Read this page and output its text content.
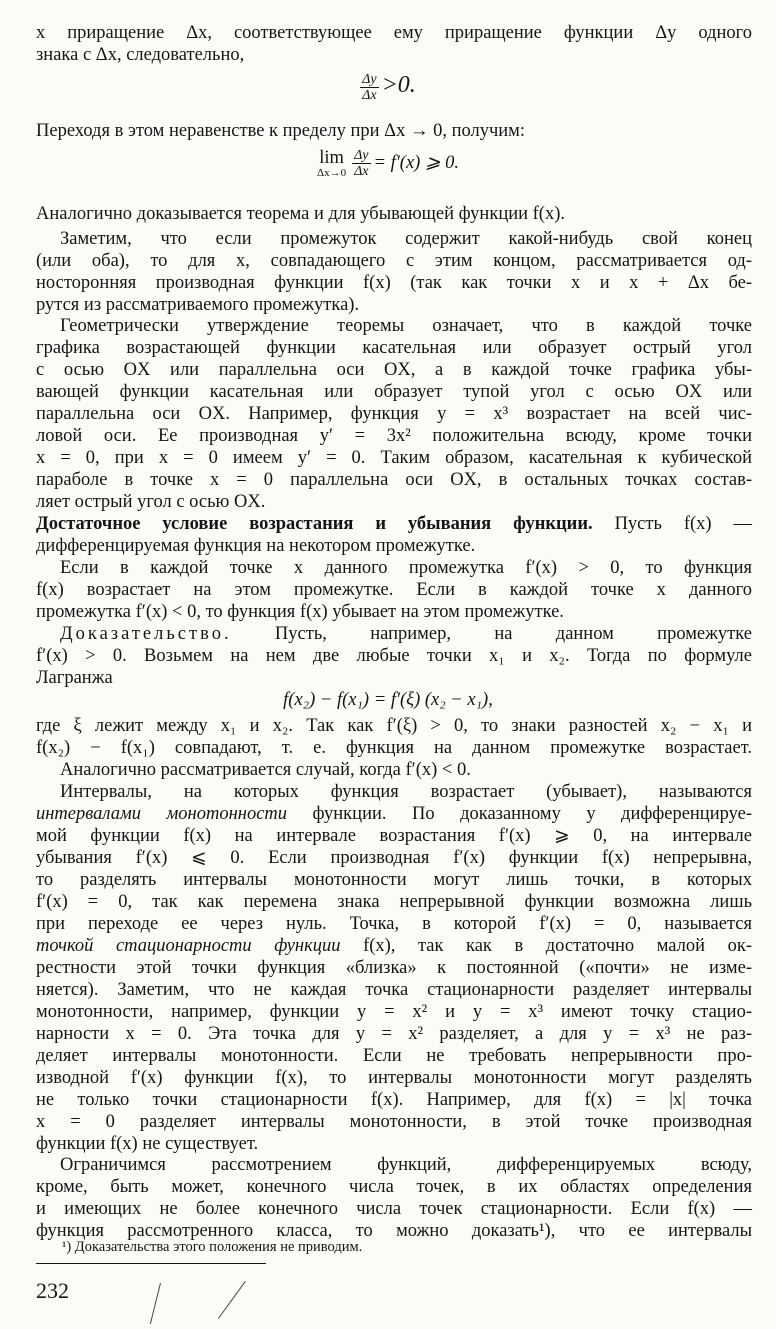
x приращение Δx, соответствующее ему приращение функции Δy одного
знака с Δx, следовательно,
$\frac{\Delta y}{\Delta x} >0$.
Переходя в этом неравенстве к пределу при Δx → 0, получим:
lim
$\Delta x\to 0 \frac{\Delta y}{\Delta x} = f'(x)$ ⩾ 0.
Аналогично доказывается теорема и для убывающей функции f(x).
Заметим, что если промежуток содержит какой-нибудь свой конец
(или оба), то для x, совпадающего с этим концом, рассматривается од-
носторонняя производная функции f(x) (так как точки x и x + Δx бе-
рутся из рассматриваемого промежутка).
Геометрически утверждение теоремы означает, что в каждой точке
графика возрастающей функции касательная или образует острый угол
с осью OX или параллельна оси OX, а в каждой точке графика убы-
вающей функции касательная или образует тупой угол с осью OX или
параллельна оси OX. Например, функция y = x³ возрастает на всей чис-
ловой оси. Ее производная y′ = 3x² положительна всюду, кроме точки
x = 0, при x = 0 имеем y′ = 0. Таким образом, касательная к кубической
параболе в точке x = 0 параллельна оси OX, в остальных точках состав-
ляет острый угол с осью OX.
Достаточное условие возрастания и убывания функции. Пусть f(x) —
дифференцируемая функция на некотором промежутке.
Если в каждой точке x данного промежутка f′(x) > 0, то функция
f(x) возрастает на этом промежутке. Если в каждой точке x данного
промежутка f′(x) < 0, то функция f(x) убывает на этом промежутке.
Доказательство. Пусть, например, на данном промежутке
f′(x) > 0. Возьмем на нем две любые точки x₁ и x₂. Тогда по формуле
Лагранжа
f(x₂) − f(x₁) = f′(ξ) (x₂ − x₁),
где ξ лежит между x₁ и x₂. Так как f′(ξ) > 0, то знаки разностей x₂ − x₁ и
f(x₂) − f(x₁) совпадают, т. е. функция на данном промежутке возрастает.
Аналогично рассматривается случай, когда f′(x) < 0.
Интервалы, на которых функция возрастает (убывает), называются
интервалами монотонности функции. По доказанному у дифференцируе-
мой функции f(x) на интервале возрастания f′(x) ⩾ 0, на интервале
убывания f′(x) ⩽ 0. Если производная f′(x) функции f(x) непрерывна,
то разделять интервалы монотонности могут лишь точки, в которых
f′(x) = 0, так как перемена знака непрерывной функции возможна лишь
при переходе ее через нуль. Точка, в которой f′(x) = 0, называется
точкой стационарности функции f(x), так как в достаточно малой ок-
рестности этой точки функция «близка» к постоянной («почти» не изме-
няется). Заметим, что не каждая точка стационарности разделяет интервалы
монотонности, например, функции y = x² и y = x³ имеют точку стацио-
нарности x = 0. Эта точка для y = x² разделяет, а для y = x³ не раз-
деляет интервалы монотонности. Если не требовать непрерывности про-
изводной f′(x) функции f(x), то интервалы монотонности могут разделять
не только точки стационарности f(x). Например, для f(x) = |x| точка
x = 0 разделяет интервалы монотонности, в этой точке производная
функции f(x) не существует.
Ограничимся рассмотрением функций, дифференцируемых всюду,
кроме, быть может, конечного числа точек, в их областях определения
и имеющих не более конечного числа точек стационарности. Если f(x) —
функция рассмотренного класса, то можно доказать¹), что ее интервалы
¹) Доказательства этого положения не приводим.
232
